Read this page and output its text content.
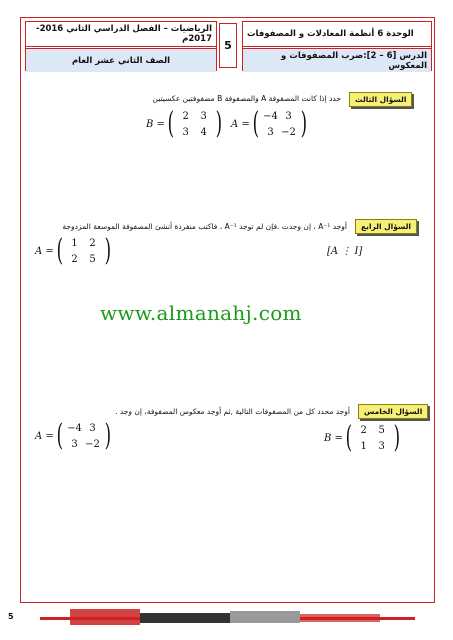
الوحدة 6 أنظمة المعادلات و المصفوفات
الدرس [6 – 2]:ضرب المصفوفات و المعكوس
5
الرياضيات – الفصل الدراسي الثاني 2016-2017م
الصف الثاني عشر العام
السؤال الثالث
حدد إذا كانت المصفوفة A والمصفوفة B مصفوفتين عكسيتين
A = ( −4 3
3 −2 )
B = ( 2	3
3	4 )
السؤال الرابع
أوجد A⁻¹ ، إن وجدت .فإن لم توجد A⁻¹ ، فاكتب منفردة أنشئ المصفوفة الموسعة المزدوجة
A = ( 1	2
2	5 )	[A ⋮ I]
www.almanahj.com
السؤال الخامس
أوجد محدد كل من المصفوفات التالية ,ثم أوجد معكوس المصفوفة، إن وجد .
A = ( −4 3
3 −2 )	B = ( 2	5
1	3 )
5
